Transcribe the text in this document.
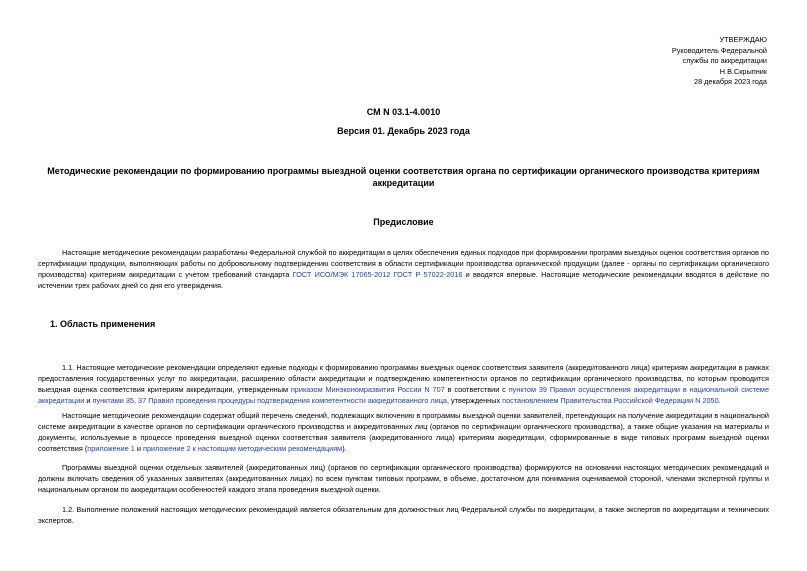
УТВЕРЖДАЮ
Руководитель Федеральной
службы по аккредитации
Н.В.Скрыпник
28 декабря 2023 года
СМ N 03.1-4.0010
Версия 01. Декабрь 2023 года
Методические рекомендации по формированию программы выездной оценки соответствия органа по сертификации органического производства критериям аккредитации
Предисловие
Настоящие методические рекомендации разработаны Федеральной службой по аккредитации в целях обеспечения единых подходов при формировании программ выездных оценок соответствия органов по сертификации продукции, выполняющих работы по добровольному подтверждению соответствия в области сертификации производства органической продукции (далее - органы по сертификации органического производства) критериям аккредитации с учетом требований стандарта ГОСТ ИСО/МЭК 17065-2012 ГОСТ Р 57022-2016 и вводятся впервые. Настоящие методические рекомендации вводятся в действие по истечении трех рабочих дней со дня его утверждения.
1. Область применения
1.1. Настоящие методические рекомендации определяют единые подходы к формированию программы выездных оценок соответствия заявителя (аккредитованного лица) критериям аккредитации в рамках предоставления государственных услуг по аккредитации, расширению области аккредитации и подтверждению компетентности органов по сертификации органического производства, по которым проводится выездная оценка соответствия критериям аккредитации, утвержденным приказом Минэкономразвития России N 707 в соответствии с пунктом 39 Правил осуществления аккредитации в национальной системе аккредитации и пунктами 35, 37 Правил проведения процедуры подтверждения компетентности аккредитованного лица, утвержденных постановлением Правительства Российской Федерации N 2050.
Настоящие методические рекомендации содержат общий перечень сведений, подлежащих включению в программы выездной оценки заявителей, претендующих на получение аккредитации в национальной системе аккредитации в качестве органов по сертификации органического производства и аккредитованных лиц (органов по сертификации органического производства), а также общие указания на материалы и документы, используемые в процессе проведения выездной оценки соответствия заявителя (аккредитованного лица) критериям аккредитации, сформированные в виде типовых программ выездной оценки соответствия (приложение 1 и приложение 2 к настоящим методическим рекомендациям).
Программы выездной оценки отдельных заявителей (аккредитованных лиц) (органов по сертификации органического производства) формируются на основании настоящих методических рекомендаций и должны включать сведения об указанных заявителях (аккредитованных лицах) по всем пунктам типовых программ, в объеме, достаточном для понимания оцениваемой стороной, членами экспертной группы и национальным органом по аккредитации особенностей каждого этапа проведения выездной оценки.
1.2. Выполнение положений настоящих методических рекомендаций является обязательным для должностных лиц Федеральной службы по аккредитации, а также экспертов по аккредитации и технических экспертов.
